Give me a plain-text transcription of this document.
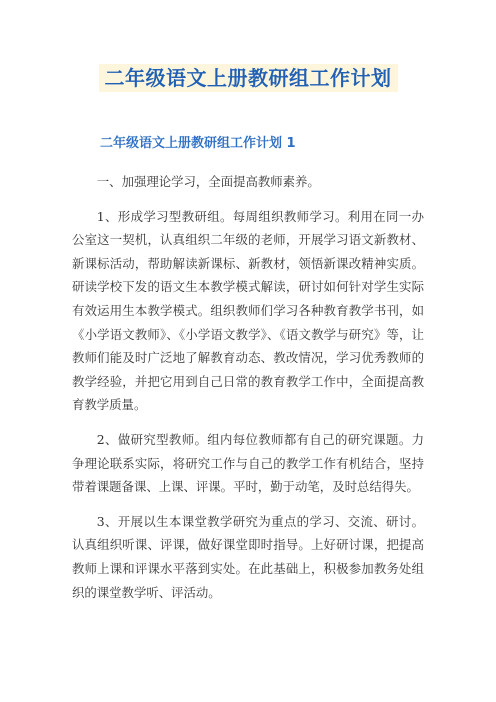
二年级语文上册教研组工作计划
二年级语文上册教研组工作计划 1

一、加强理论学习，全面提高教师素养。

1、形成学习型教研组。每周组织教师学习。利用在同一办公室这一契机，认真组织二年级的老师，开展学习语文新教材、新课标活动，帮助解读新课标、新教材，领悟新课改精神实质。研读学校下发的语文生本教学模式解读，研讨如何针对学生实际有效运用生本教学模式。组织教师们学习各种教育教学书刊，如《小学语文教师》、《小学语文教学》、《语文教学与研究》等，让教师们能及时广泛地了解教育动态、教改情况，学习优秀教师的教学经验，并把它用到自己日常的教育教学工作中，全面提高教育教学质量。

2、做研究型教师。组内每位教师都有自己的研究课题。力争理论联系实际，将研究工作与自己的教学工作有机结合，坚持带着课题备课、上课、评课。平时，勤于动笔，及时总结得失。

3、开展以生本课堂教学研究为重点的学习、交流、研讨。认真组织听课、评课，做好课堂即时指导。上好研讨课，把提高教师上课和评课水平落到实处。在此基础上，积极参加教务处组织的课堂教学听、评活动。
